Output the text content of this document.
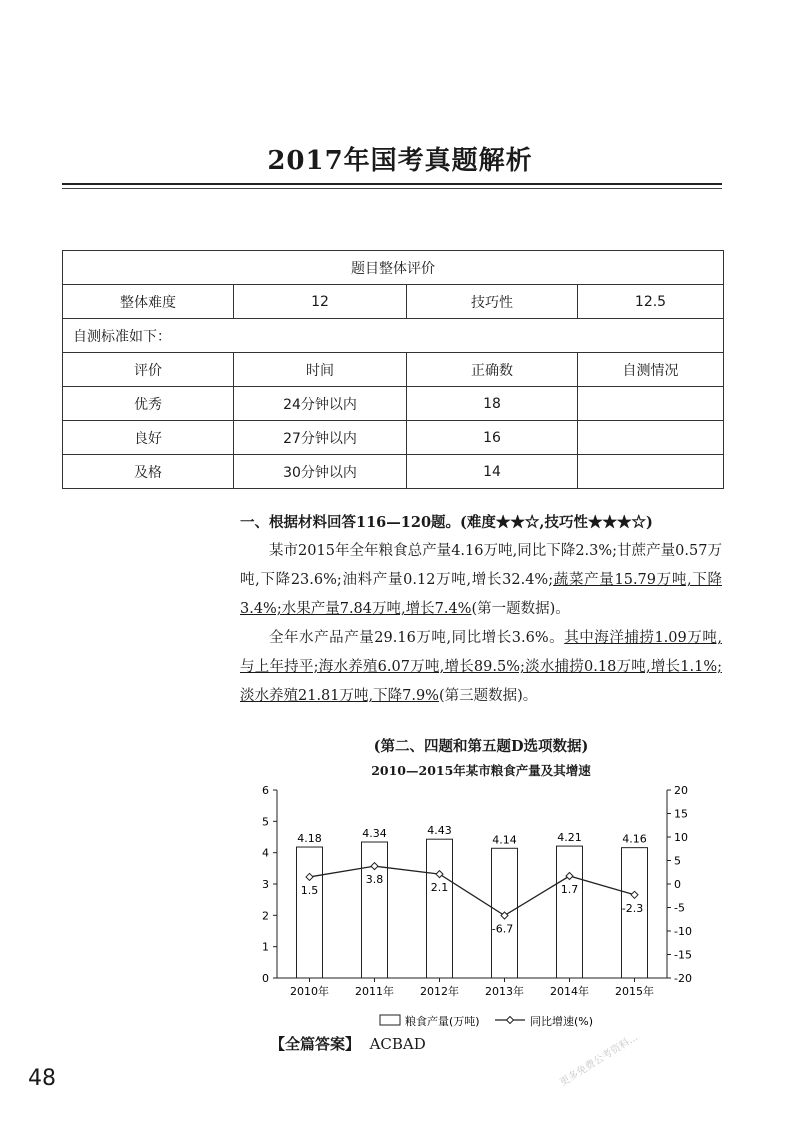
2017年国考真题解析
题目整体评价			
整体难度	12	技巧性	12.5
自测标准如下：			
评价	时间	正确数	自测情况
优秀	24分钟以内	18	
良好	27分钟以内	16	
及格	30分钟以内	14	

一、根据材料回答116—120题。(难度★★☆,技巧性★★★☆)

某市2015年全年粮食总产量4.16万吨,同比下降2.3%;甘蔗产量0.57万吨,下降23.6%;油料产量0.12万吨,增长32.4%;蔬菜产量15.79万吨,下降3.4%;水果产量7.84万吨,增长7.4%(第一题数据)。

全年水产品产量29.16万吨,同比增长3.6%。其中海洋捕捞1.09万吨,与上年持平;海水养殖6.07万吨,增长89.5%;淡水捕捞0.18万吨,增长1.1%;淡水养殖21.81万吨,下降7.9%(第三题数据)。

(第二、四题和第五题D选项数据)
2010—2015年某市粮食产量及其增速
4.18	4.34	4.43
4.14	4.21	4.16
1.5
3.8
2.1
-6.7
1.7
-2.3
0
1
2
3
4
5
6
-20
-15
-10
-5
0
5
10
15
20
2010年 2011年 2012年 2013年 2014年 2015年
粮食产量(万吨)	同比增速(%)
【全篇答案】 ACBAD
48	更多免费公考资料...
